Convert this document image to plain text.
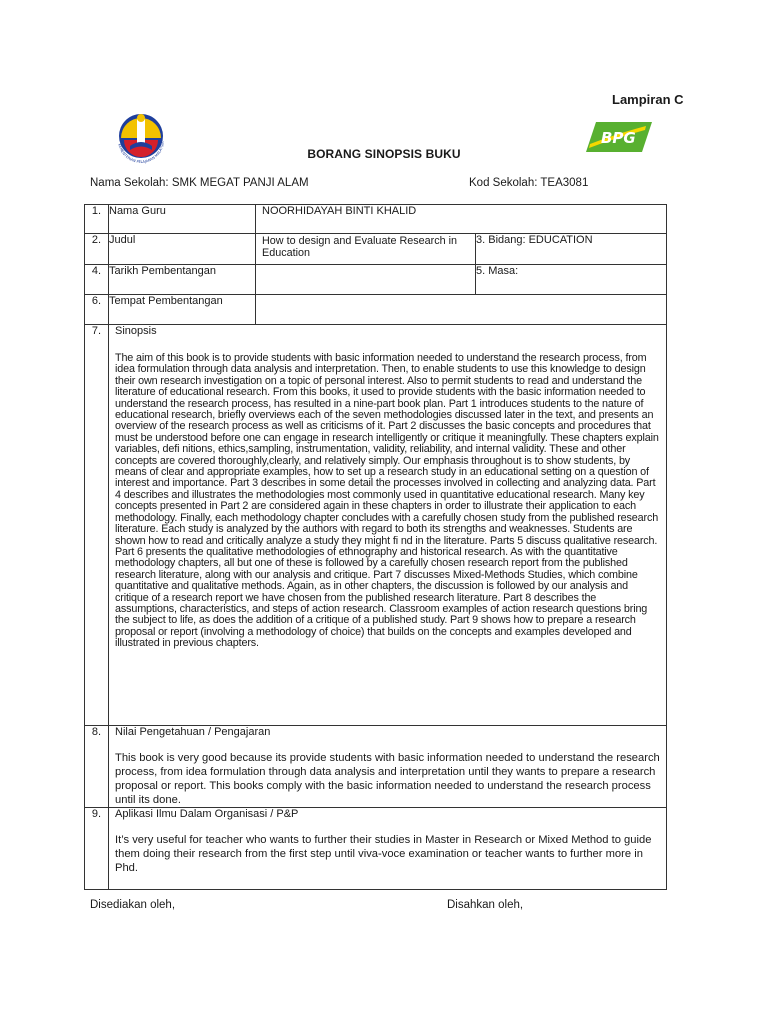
Lampiran C
KEMENTERIAN PELAJARAN MALAYSIA	BPG
BORANG SINOPSIS BUKU
Nama Sekolah: SMK MEGAT PANJI ALAM	Kod Sekolah: TEA3081
1.	Nama Guru	NOORHIDAYAH BINTI KHALID	
2.	Judul	How to design and Evaluate Research in Education	3. Bidang: EDUCATION
4.	Tarikh Pembentangan		5. Masa:
6.	Tempat Pembentangan		
7.	Sinopsis
The aim of this book is to provide students with basic information needed to understand the research process, from idea formulation through data analysis and interpretation. Then, to enable students to use this knowledge to design their own research investigation on a topic of personal interest. Also to permit students to read and understand the literature of educational research. From this books, it used to provide students with the basic information needed to understand the research process, has resulted in a nine-part book plan. Part 1 introduces students to the nature of educational research, briefly overviews each of the seven methodologies discussed later in the text, and presents an overview of the research process as well as criticisms of it. Part 2 discusses the basic concepts and procedures that must be understood before one can engage in research intelligently or critique it meaningfully. These chapters explain variables, defi nitions, ethics,sampling, instrumentation, validity, reliability, and internal validity. These and other concepts are covered thoroughly,clearly, and relatively simply. Our emphasis throughout is to show students, by means of clear and appropriate examples, how to set up a research study in an educational setting on a question of interest and importance. Part 3 describes in some detail the processes involved in collecting and analyzing data. Part 4 describes and illustrates the methodologies most commonly used in quantitative educational research. Many key concepts presented in Part 2 are considered again in these chapters in order to illustrate their application to each methodology. Finally, each methodology chapter concludes with a carefully chosen study from the published research literature. Each study is analyzed by the authors with regard to both its strengths and weaknesses. Students are shown how to read and critically analyze a study they might fi nd in the literature. Parts 5 discuss qualitative research. Part 6 presents the qualitative methodologies of ethnography and historical research. As with the quantitative methodology chapters, all but one of these is followed by a carefully chosen research report from the published research literature, along with our analysis and critique. Part 7 discusses Mixed-Methods Studies, which combine quantitative and qualitative methods. Again, as in other chapters, the discussion is followed by our analysis and critique of a research report we have chosen from the published research literature. Part 8 describes the assumptions, characteristics, and steps of action research. Classroom examples of action research questions bring the subject to life, as does the addition of a critique of a published study. Part 9 shows how to prepare a research proposal or report (involving a methodology of choice) that builds on the concepts and examples developed and illustrated in previous chapters.		

8.	Nilai Pengetahuan / Pengajaran
This book is very good because its provide students with basic information needed to understand the research process, from idea formulation through data analysis and interpretation until they wants to prepare a research proposal or report. This books comply with the basic information needed to understand the research process until its done.		

9.	Aplikasi Ilmu Dalam Organisasi / P&P
It’s very useful for teacher who wants to further their studies in Master in Research or Mixed Method to guide them doing their research from the first step until viva-voce examination or teacher wants to further more in Phd.		
Disediakan oleh,	Disahkan oleh,
